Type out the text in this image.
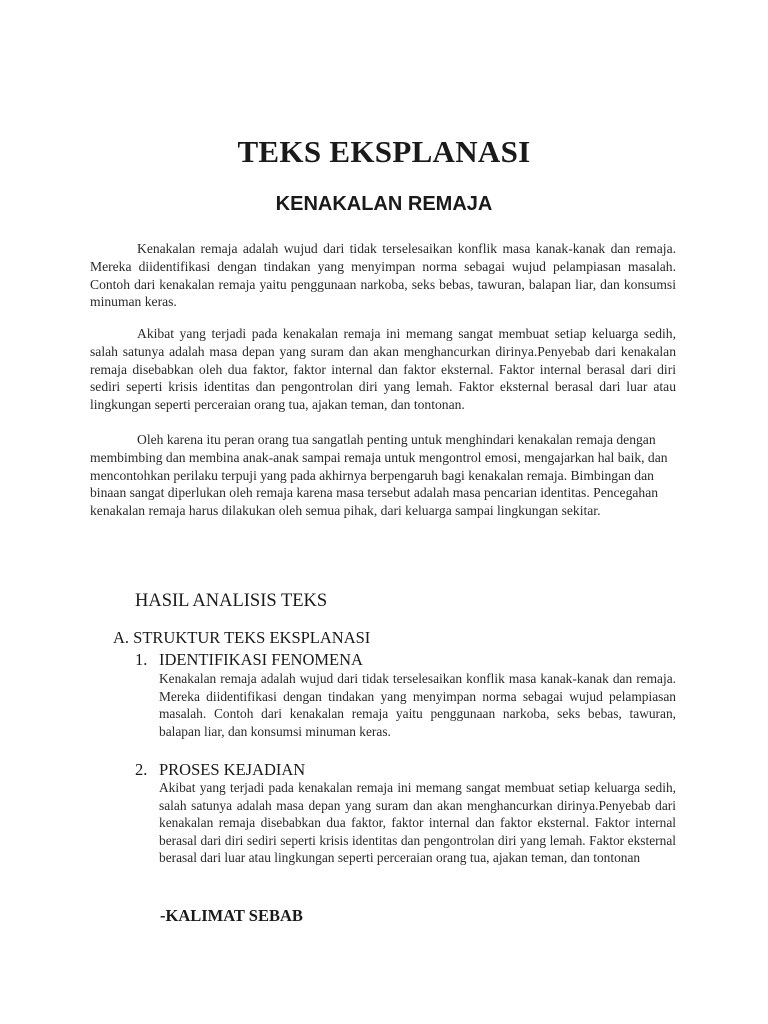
TEKS EKSPLANASI
KENAKALAN REMAJA

Kenakalan remaja adalah wujud dari tidak terselesaikan konflik masa kanak-kanak dan remaja. Mereka diidentifikasi dengan tindakan yang menyimpan norma sebagai wujud pelampiasan masalah. Contoh dari kenakalan remaja yaitu penggunaan narkoba, seks bebas, tawuran, balapan liar, dan konsumsi minuman keras.

Akibat yang terjadi pada kenakalan remaja ini memang sangat membuat setiap keluarga sedih, salah satunya adalah masa depan yang suram dan akan menghancurkan dirinya.Penyebab dari kenakalan remaja disebabkan oleh dua faktor, faktor internal dan faktor eksternal. Faktor internal berasal dari diri sediri seperti krisis identitas dan pengontrolan diri yang lemah. Faktor eksternal berasal dari luar atau lingkungan seperti perceraian orang tua, ajakan teman, dan tontonan.

Oleh karena itu peran orang tua sangatlah penting untuk menghindari kenakalan remaja dengan membimbing dan membina anak-anak sampai remaja untuk mengontrol emosi, mengajarkan hal baik, dan mencontohkan perilaku terpuji yang pada akhirnya berpengaruh bagi kenakalan remaja. Bimbingan dan binaan sangat diperlukan oleh remaja karena masa tersebut adalah masa pencarian identitas. Pencegahan kenakalan remaja harus dilakukan oleh semua pihak, dari keluarga sampai lingkungan sekitar.

HASIL ANALISIS TEKS
A. STRUKTUR TEKS EKSPLANASI
1. IDENTIFIKASI FENOMENA

Kenakalan remaja adalah wujud dari tidak terselesaikan konflik masa kanak-kanak dan remaja. Mereka diidentifikasi dengan tindakan yang menyimpan norma sebagai wujud pelampiasan masalah. Contoh dari kenakalan remaja yaitu penggunaan narkoba, seks bebas, tawuran, balapan liar, dan konsumsi minuman keras.

2. PROSES KEJADIAN

Akibat yang terjadi pada kenakalan remaja ini memang sangat membuat setiap keluarga sedih, salah satunya adalah masa depan yang suram dan akan menghancurkan dirinya.Penyebab dari kenakalan remaja disebabkan dua faktor, faktor internal dan faktor eksternal. Faktor internal berasal dari diri sediri seperti krisis identitas dan pengontrolan diri yang lemah. Faktor eksternal berasal dari luar atau lingkungan seperti perceraian orang tua, ajakan teman, dan tontonan

-KALIMAT SEBAB
